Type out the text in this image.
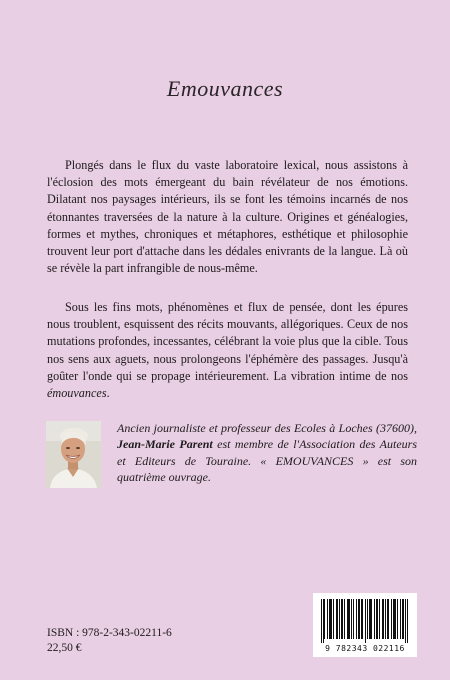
Emouvances

Plongés dans le flux du vaste laboratoire lexical, nous assistons à l'éclosion des mots émergeant du bain révélateur de nos émotions. Dilatant nos paysages intérieurs, ils se font les témoins incarnés de nos étonnantes traversées de la nature à la culture. Origines et généalogies, formes et mythes, chroniques et métaphores, esthétique et philosophie trouvent leur port d'attache dans les dédales enivrants de la langue. Là où se révèle la part infrangible de nous-même.

Sous les fins mots, phénomènes et flux de pensée, dont les épures nous troublent, esquissent des récits mouvants, allégoriques. Ceux de nos mutations profondes, incessantes, célébrant la voie plus que la cible. Tous nos sens aux aguets, nous prolongeons l'éphémère des passages. Jusqu'à goûter l'onde qui se propage intérieurement. La vibration intime de nos émouvances.

Ancien journaliste et professeur des Ecoles à Loches (37600), Jean-Marie Parent est membre de l'Association des Auteurs et Editeurs de Touraine. « EMOUVANCES » est son quatrième ouvrage.

ISBN : 978-2-343-02211-6
22,50 €	9 782343 022116
